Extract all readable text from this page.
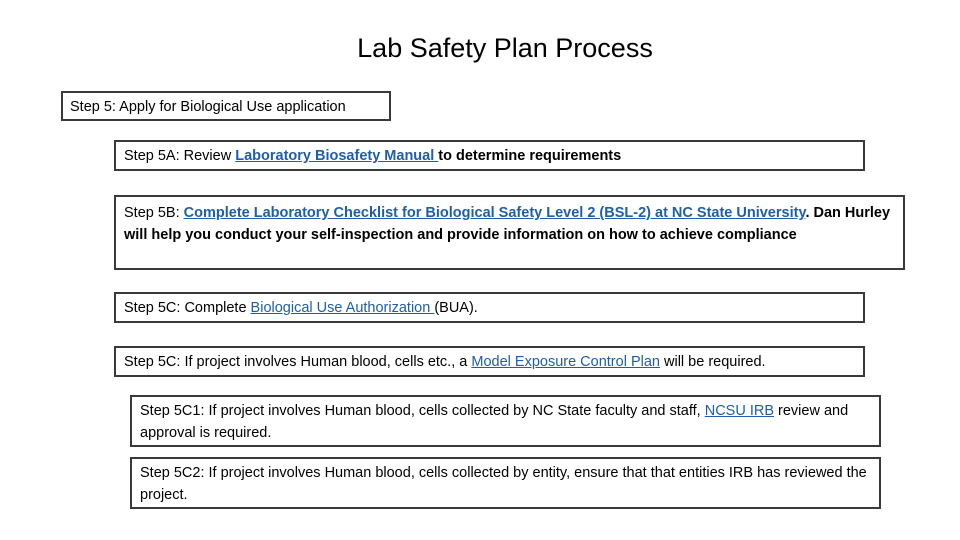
Lab Safety Plan Process
Step 5: Apply for Biological Use application
Step 5A: Review Laboratory Biosafety Manual to determine requirements
Step 5B: Complete Laboratory Checklist for Biological Safety Level 2 (BSL-2) at NC State University. Dan Hurley will help you conduct your self-inspection and provide information on how to achieve compliance
Step 5C: Complete Biological Use Authorization (BUA).
Step 5C: If project involves Human blood, cells etc., a Model Exposure Control Plan will be required.
Step 5C1: If project involves Human blood, cells collected by NC State faculty and staff, NCSU IRB review and approval is required.
Step 5C2: If project involves Human blood, cells collected by entity, ensure that that entities IRB has reviewed the project.
